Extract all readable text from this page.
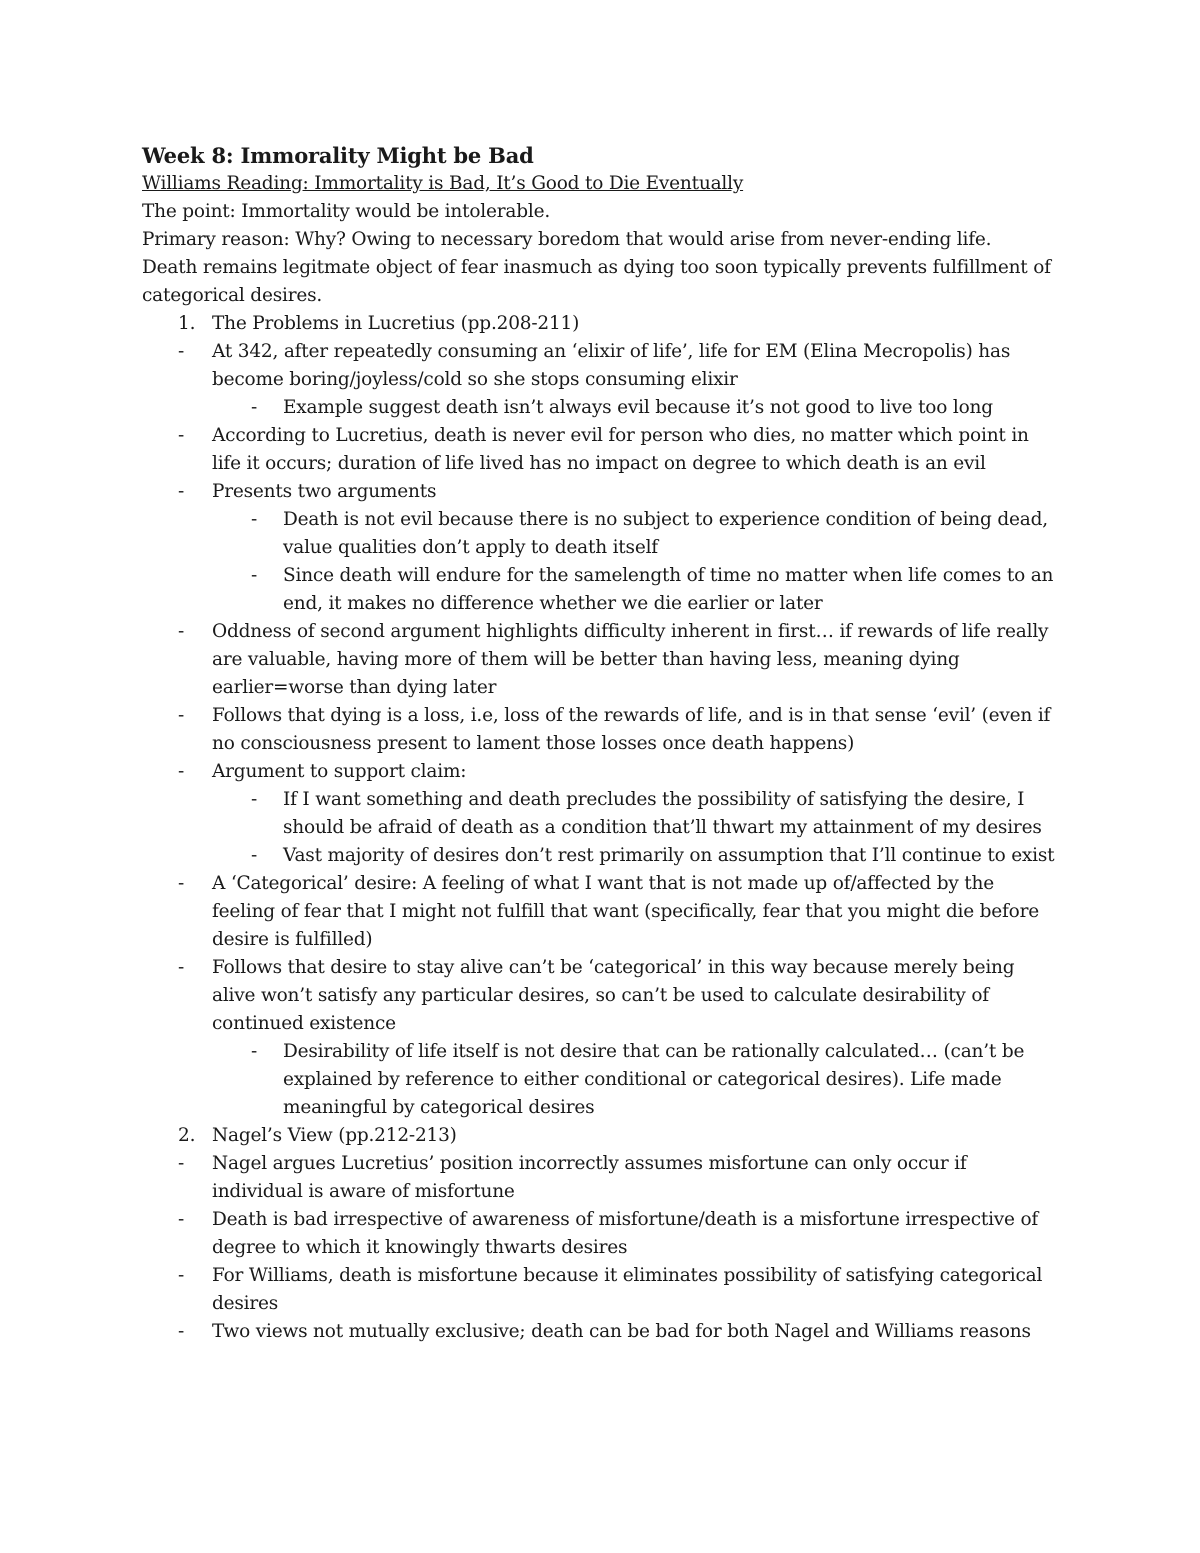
Week 8: Immorality Might be Bad
Williams Reading: Immortality is Bad, It’s Good to Die Eventually
The point: Immortality would be intolerable.
Primary reason: Why? Owing to necessary boredom that would arise from never-ending life.
Death remains legitmate object of fear inasmuch as dying too soon typically prevents fulfillment of categorical desires.
1. The Problems in Lucretius (pp.208-211)
- At 342, after repeatedly consuming an ‘elixir of life’, life for EM (Elina Mecropolis) has become boring/joyless/cold so she stops consuming elixir
- Example suggest death isn’t always evil because it’s not good to live too long
- According to Lucretius, death is never evil for person who dies, no matter which point in life it occurs; duration of life lived has no impact on degree to which death is an evil
- Presents two arguments
- Death is not evil because there is no subject to experience condition of being dead, value qualities don’t apply to death itself
- Since death will endure for the samelength of time no matter when life comes to an end, it makes no difference whether we die earlier or later
- Oddness of second argument highlights difficulty inherent in first… if rewards of life really are valuable, having more of them will be better than having less, meaning dying earlier=worse than dying later
- Follows that dying is a loss, i.e, loss of the rewards of life, and is in that sense ‘evil’ (even if no consciousness present to lament those losses once death happens)
- Argument to support claim:
- If I want something and death precludes the possibility of satisfying the desire, I should be afraid of death as a condition that’ll thwart my attainment of my desires
- Vast majority of desires don’t rest primarily on assumption that I’ll continue to exist
- A ‘Categorical’ desire: A feeling of what I want that is not made up of/affected by the feeling of fear that I might not fulfill that want (specifically, fear that you might die before desire is fulfilled)
- Follows that desire to stay alive can’t be ‘categorical’ in this way because merely being alive won’t satisfy any particular desires, so can’t be used to calculate desirability of continued existence
- Desirability of life itself is not desire that can be rationally calculated… (can’t be explained by reference to either conditional or categorical desires). Life made meaningful by categorical desires
2. Nagel’s View (pp.212-213)
- Nagel argues Lucretius’ position incorrectly assumes misfortune can only occur if individual is aware of misfortune
- Death is bad irrespective of awareness of misfortune/death is a misfortune irrespective of degree to which it knowingly thwarts desires
- For Williams, death is misfortune because it eliminates possibility of satisfying categorical desires
- Two views not mutually exclusive; death can be bad for both Nagel and Williams reasons
